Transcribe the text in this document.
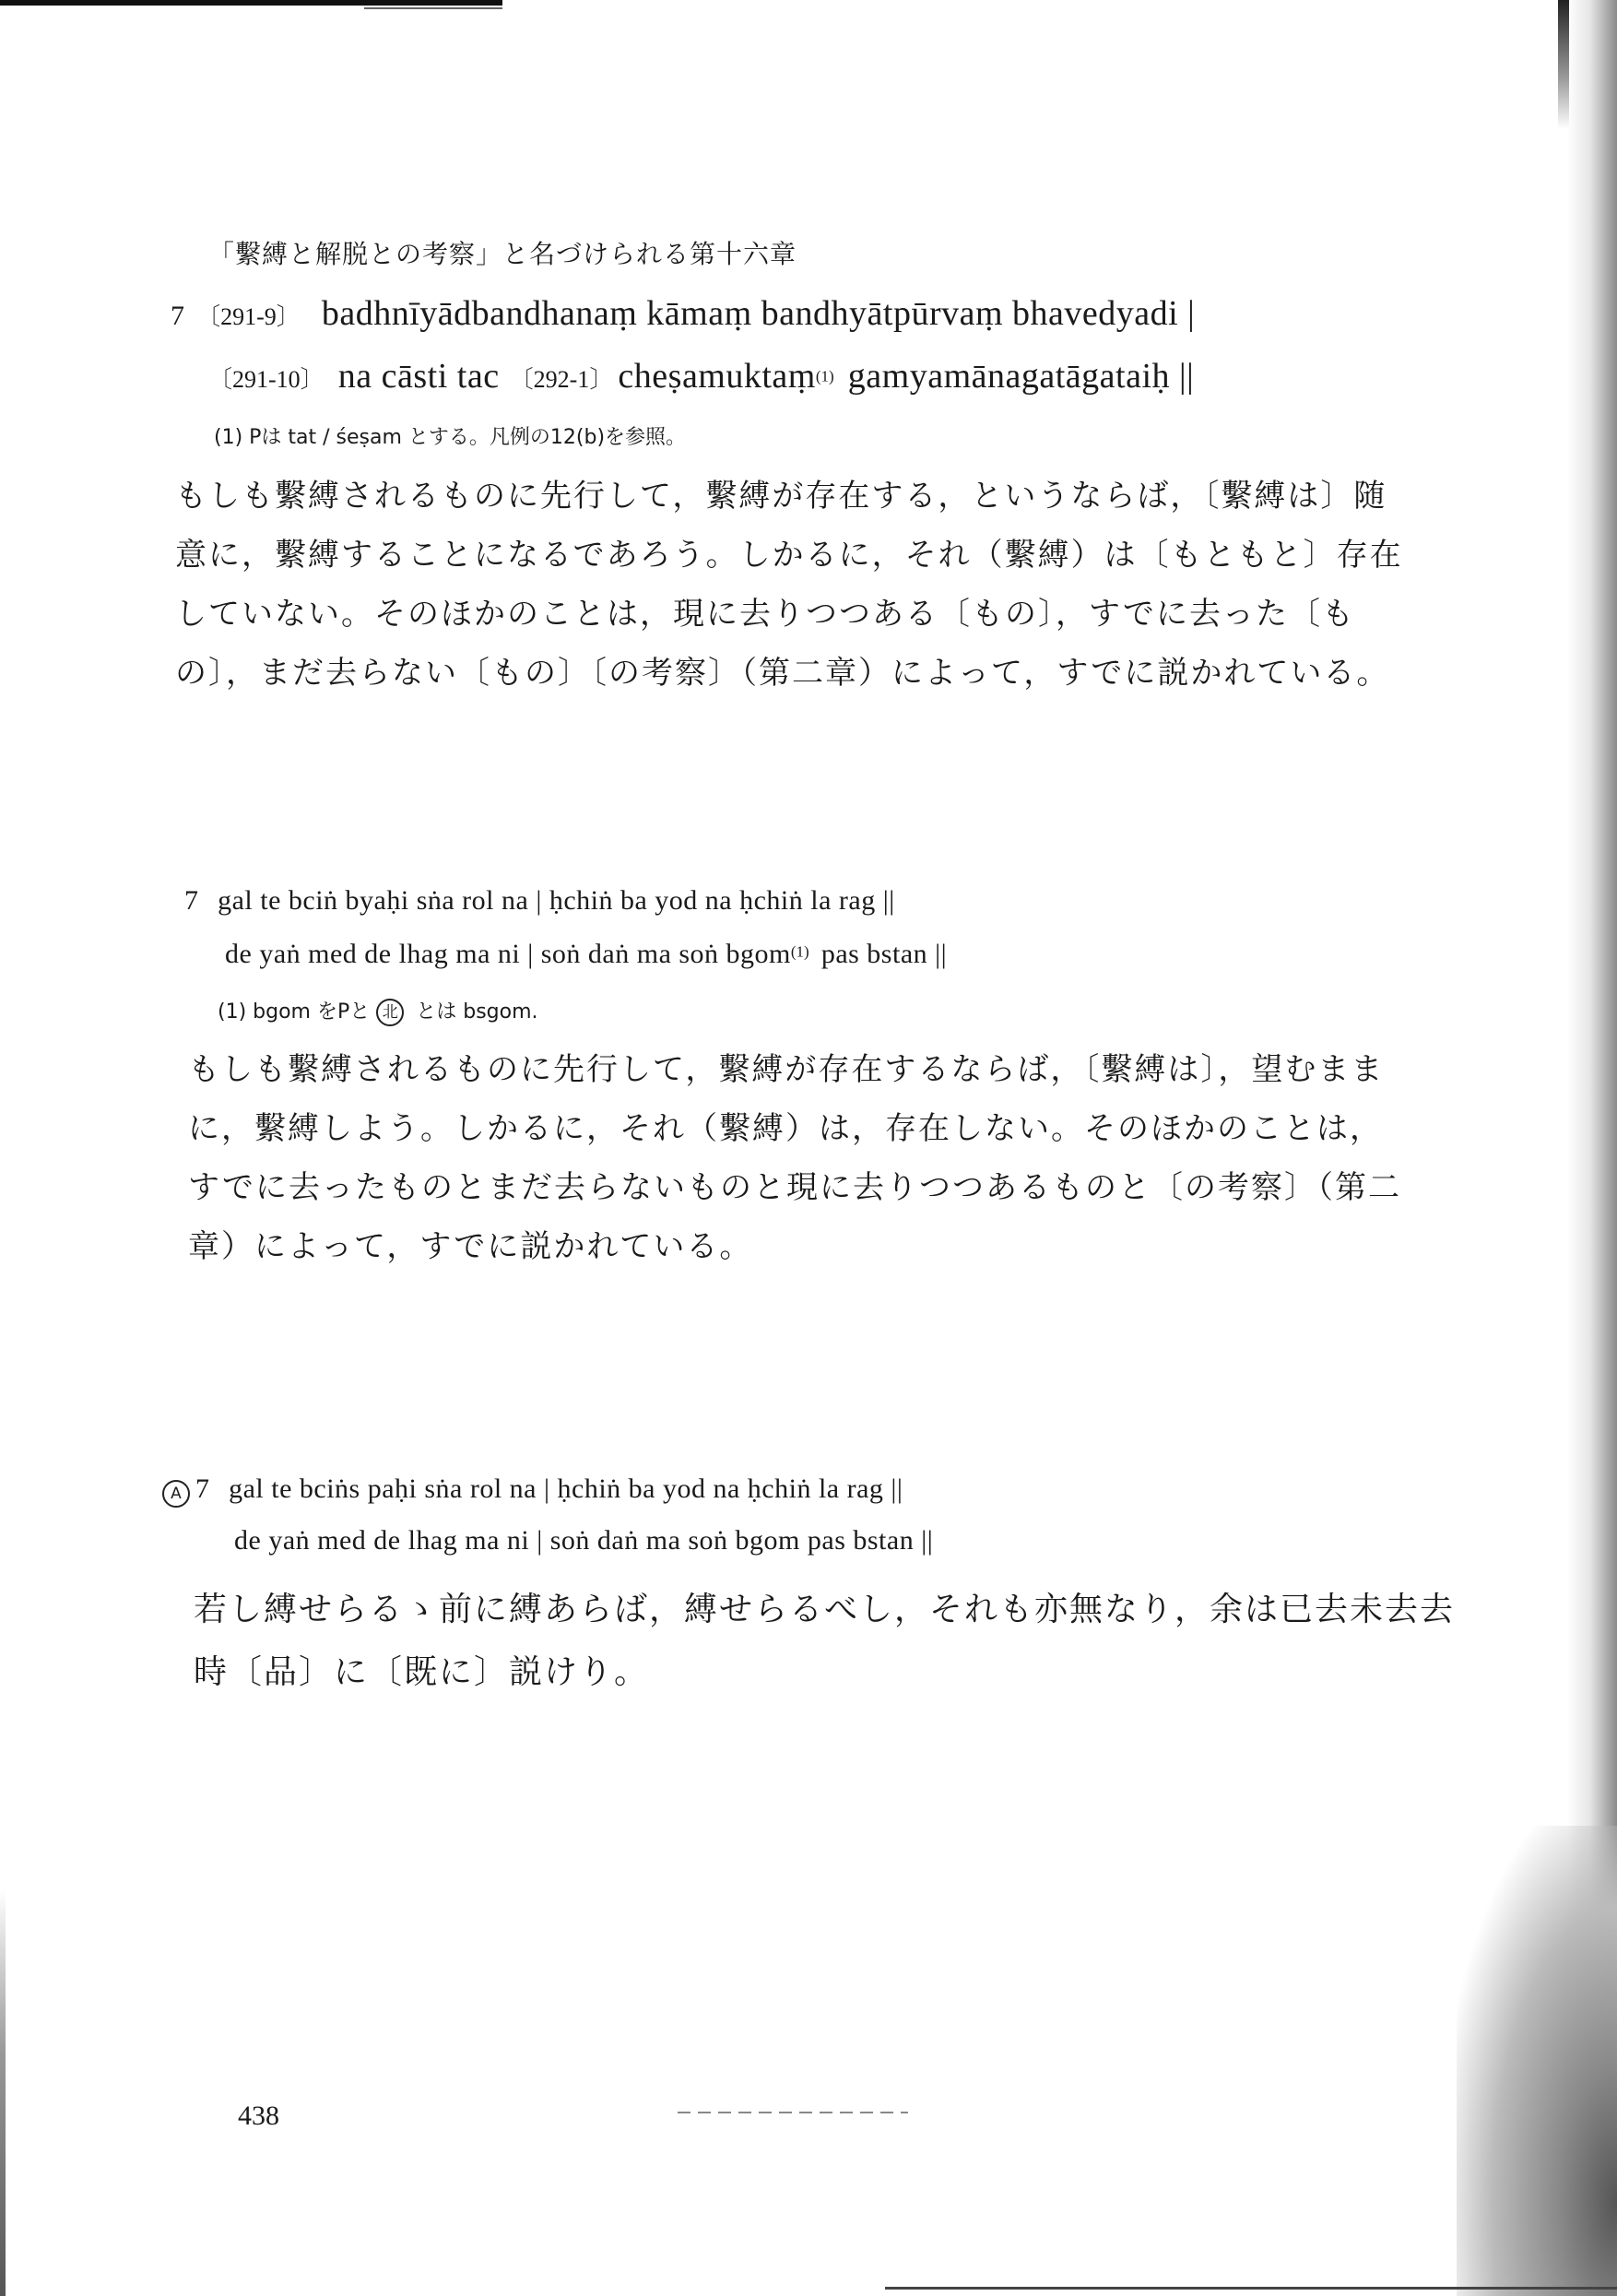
「繫縛と解脱との考察」と名づけられる第十六章
7 〔291-9〕 badhnīyādbandhanaṃ kāmaṃ bandhyātpūrvaṃ bhavedyadi |
〔291-10〕 na cāsti tac 〔292-1〕 cheṣamuktaṃ(1) gamyamānagatāgataiḥ ||
(1) Pは tat / śeṣam とする。凡例の12(b)を参照。
もしも繫縛されるものに先行して，繫縛が存在する，というならば，〔繫縛は〕随
意に，繫縛することになるであろう。しかるに，それ（繫縛）は〔もともと〕存在
していない。そのほかのことは，現に去りつつある〔もの〕，すでに去った〔も
の〕，まだ去らない〔もの〕〔の考察〕（第二章）によって，すでに説かれている。
7 gal te bciṅ byaḥi sṅa rol na | ḥchiṅ ba yod na ḥchiṅ la rag ||
de yaṅ med de lhag ma ni | soṅ daṅ ma soṅ bgom(1) pas bstan ||
(1) bgom をPと 北 とは bsgom.
もしも繫縛されるものに先行して，繫縛が存在するならば，〔繫縛は〕，望むまま
に，繫縛しよう。しかるに，それ（繫縛）は，存在しない。そのほかのことは，
すでに去ったものとまだ去らないものと現に去りつつあるものと〔の考察〕（第二
章）によって，すでに説かれている。
A 7 gal te bciṅs paḥi sṅa rol na | ḥchiṅ ba yod na ḥchiṅ la rag ||
de yaṅ med de lhag ma ni | soṅ daṅ ma soṅ bgom pas bstan ||
若し縛せらるゝ前に縛あらば，縛せらるべし，それも亦無なり，余は已去未去去
時〔品〕に〔既に〕説けり。
438
